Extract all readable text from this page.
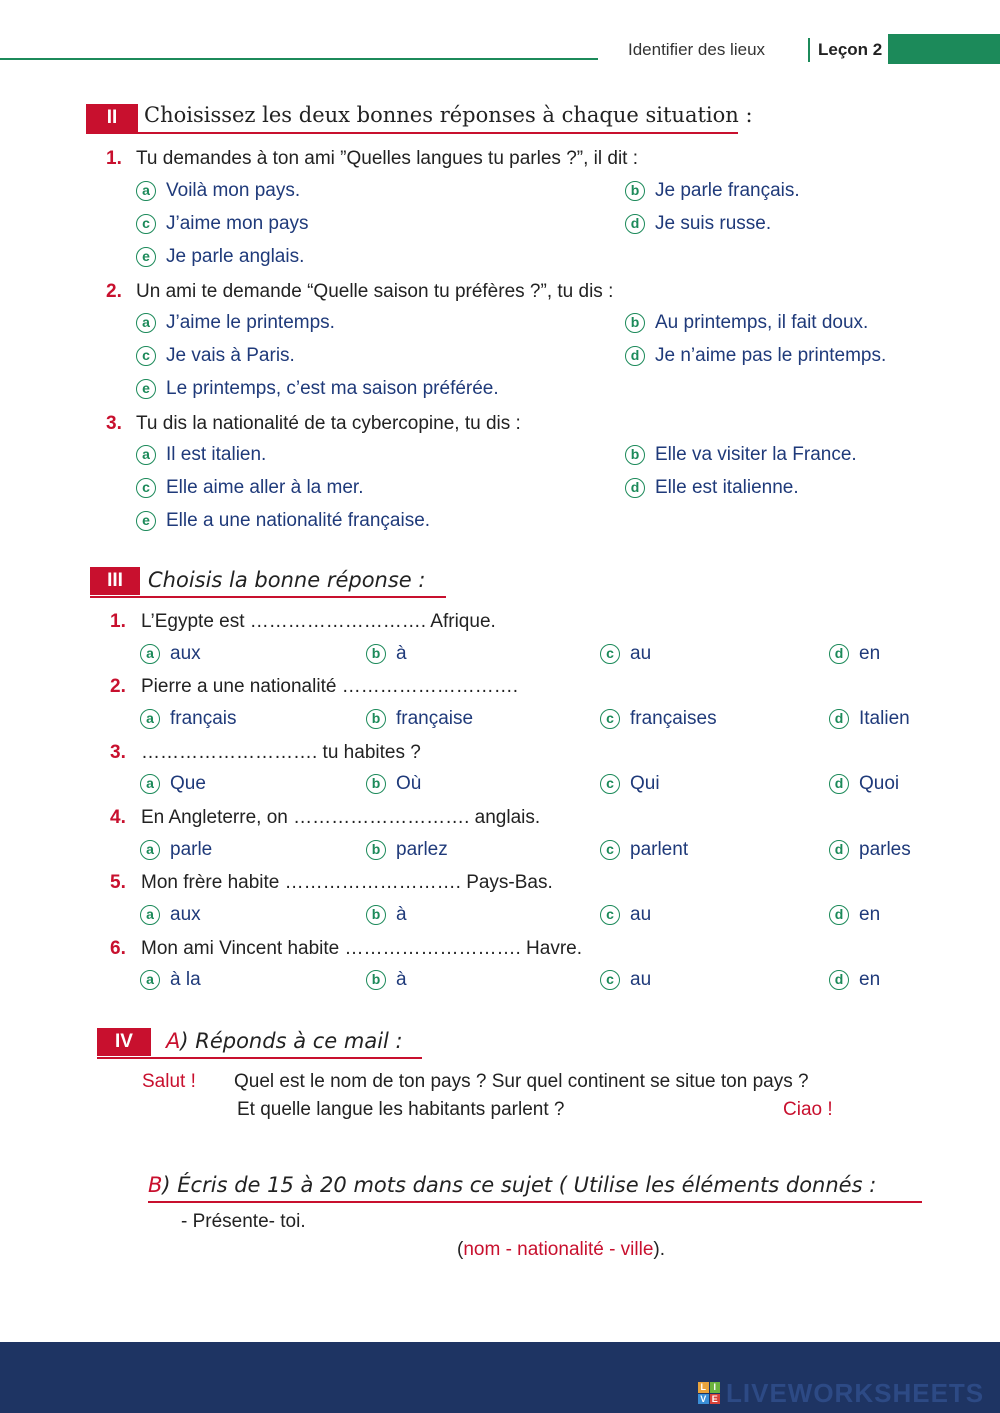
Identifier des lieux	Leçon 2
II	Choisissez les deux bonnes réponses à chaque situation :
1. Tu demandes à ton ami ”Quelles langues tu parles ?”, il dit :
a Voilà mon pays.	b Je parle français.
c J’aime mon pays	d Je suis russe.
e Je parle anglais.
2. Un ami te demande “Quelle saison tu préfères ?”, tu dis :
a J’aime le printemps.	b Au printemps, il fait doux.
c Je vais à Paris.	d Je n’aime pas le printemps.
e Le printemps, c’est ma saison préférée.
3. Tu dis la nationalité de ta cybercopine, tu dis :
a Il est italien.	b Elle va visiter la France.
c Elle aime aller à la mer.	d Elle est italienne.
e Elle a une nationalité française.
III	Choisis la bonne réponse :
1. L’Egypte est ………………………. Afrique.
a aux	b à	c au	d en
2. Pierre a une nationalité ……………………….
a français	b française	c françaises	d Italien
3. ………………………. tu habites ?
a Que	b Où	c Qui	d Quoi
4. En Angleterre, on ………………………. anglais.
a parle	b parlez	c parlent	d parles
5. Mon frère habite ………………………. Pays-Bas.
a aux	b à	c au	d en
6. Mon ami Vincent habite ………………………. Havre.
a à la	b à	c au	d en
IV	A) Réponds à ce mail :
Salut ! Quel est le nom de ton pays ? Sur quel continent se situe ton pays ?
Et quelle langue les habitants parlent ?	Ciao !
B) Écris de 15 à 20 mots dans ce sujet ( Utilise les éléments donnés :
- Présente- toi.
(nom - nationalité - ville).
L I
V E LIVEWORKSHEETS
